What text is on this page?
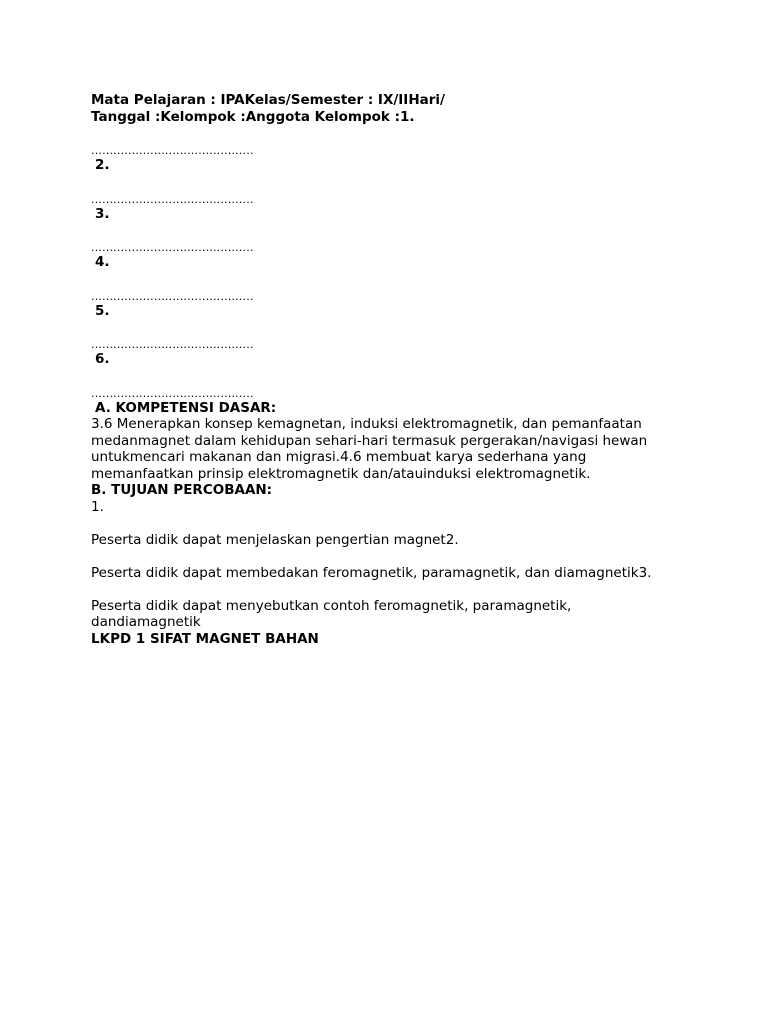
Mata Pelajaran : IPAKelas/Semester : IX/IIHari/
Tanggal :Kelompok :Anggota Kelompok :1.
............................................
2.
............................................
3.
............................................
4.
............................................
5.
............................................
6.
............................................
A. KOMPETENSI DASAR:
3.6 Menerapkan konsep kemagnetan, induksi elektromagnetik, dan pemanfaatan
medanmagnet dalam kehidupan sehari-hari termasuk pergerakan/navigasi hewan
untukmencari makanan dan migrasi.4.6 membuat karya sederhana yang
memanfaatkan prinsip elektromagnetik dan/atauinduksi elektromagnetik.
B. TUJUAN PERCOBAAN:
1.
Peserta didik dapat menjelaskan pengertian magnet2.
Peserta didik dapat membedakan feromagnetik, paramagnetik, dan diamagnetik3.
Peserta didik dapat menyebutkan contoh feromagnetik, paramagnetik,
dandiamagnetik
LKPD 1 SIFAT MAGNET BAHAN
